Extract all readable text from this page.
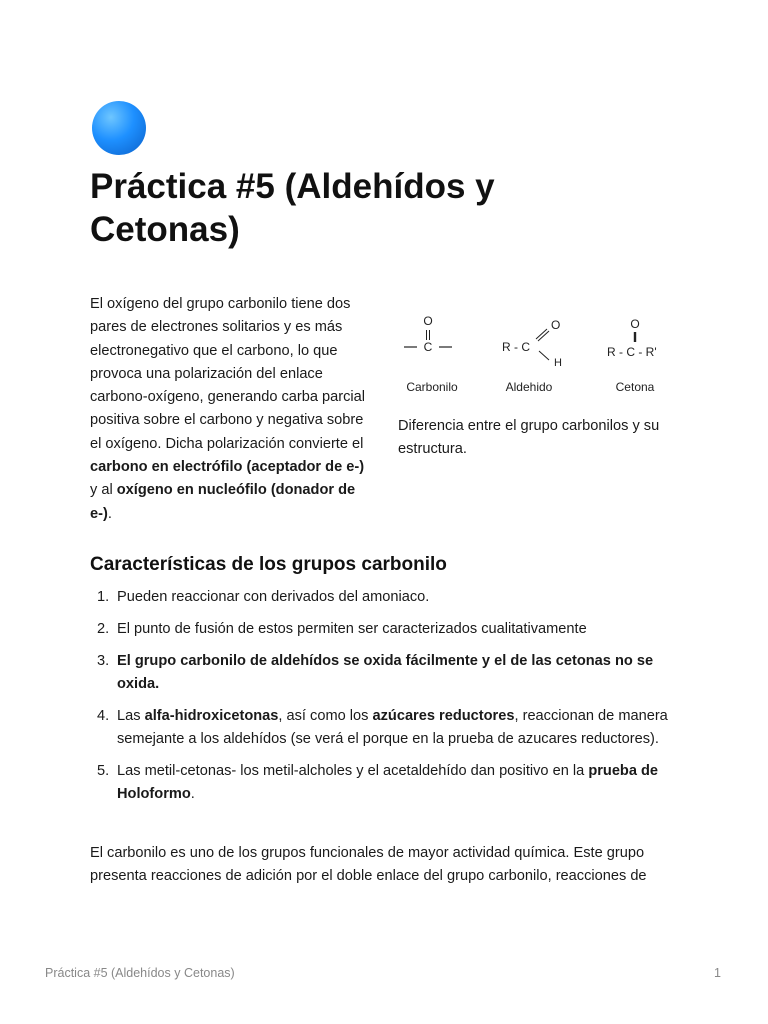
Práctica #5 (Aldehídos y Cetonas)

El oxígeno del grupo carbonilo tiene dos pares de electrones solitarios y es más electronegativo que el carbono, lo que provoca una polarización del enlace carbono-oxígeno, generando carba parcial positiva sobre el carbono y negativa sobre el oxígeno. Dicha polarización convierte el carbono en electrófilo (aceptador de e-) y al oxígeno en nucleófilo (donador de e-).

O
C
Carbonilo
R - C
O
H
Aldehido
O
R - C - R'
Cetona

Diferencia entre el grupo carbonilos y su estructura.

Características de los grupos carbonilo
1. Pueden reaccionar con derivados del amoniaco.
2. El punto de fusión de estos permiten ser caracterizados cualitativamente
3. El grupo carbonilo de aldehídos se oxida fácilmente y el de las cetonas no se oxida.
4. Las alfa-hidroxicetonas, así como los azúcares reductores, reaccionan de manera semejante a los aldehídos (se verá el porque en la prueba de azucares reductores).
5. Las metil-cetonas- los metil-alcholes y el acetaldehído dan positivo en la prueba de Holoformo.

El carbonilo es uno de los grupos funcionales de mayor actividad química. Este grupo presenta reacciones de adición por el doble enlace del grupo carbonilo, reacciones de

Práctica #5 (Aldehídos y Cetonas)	1
